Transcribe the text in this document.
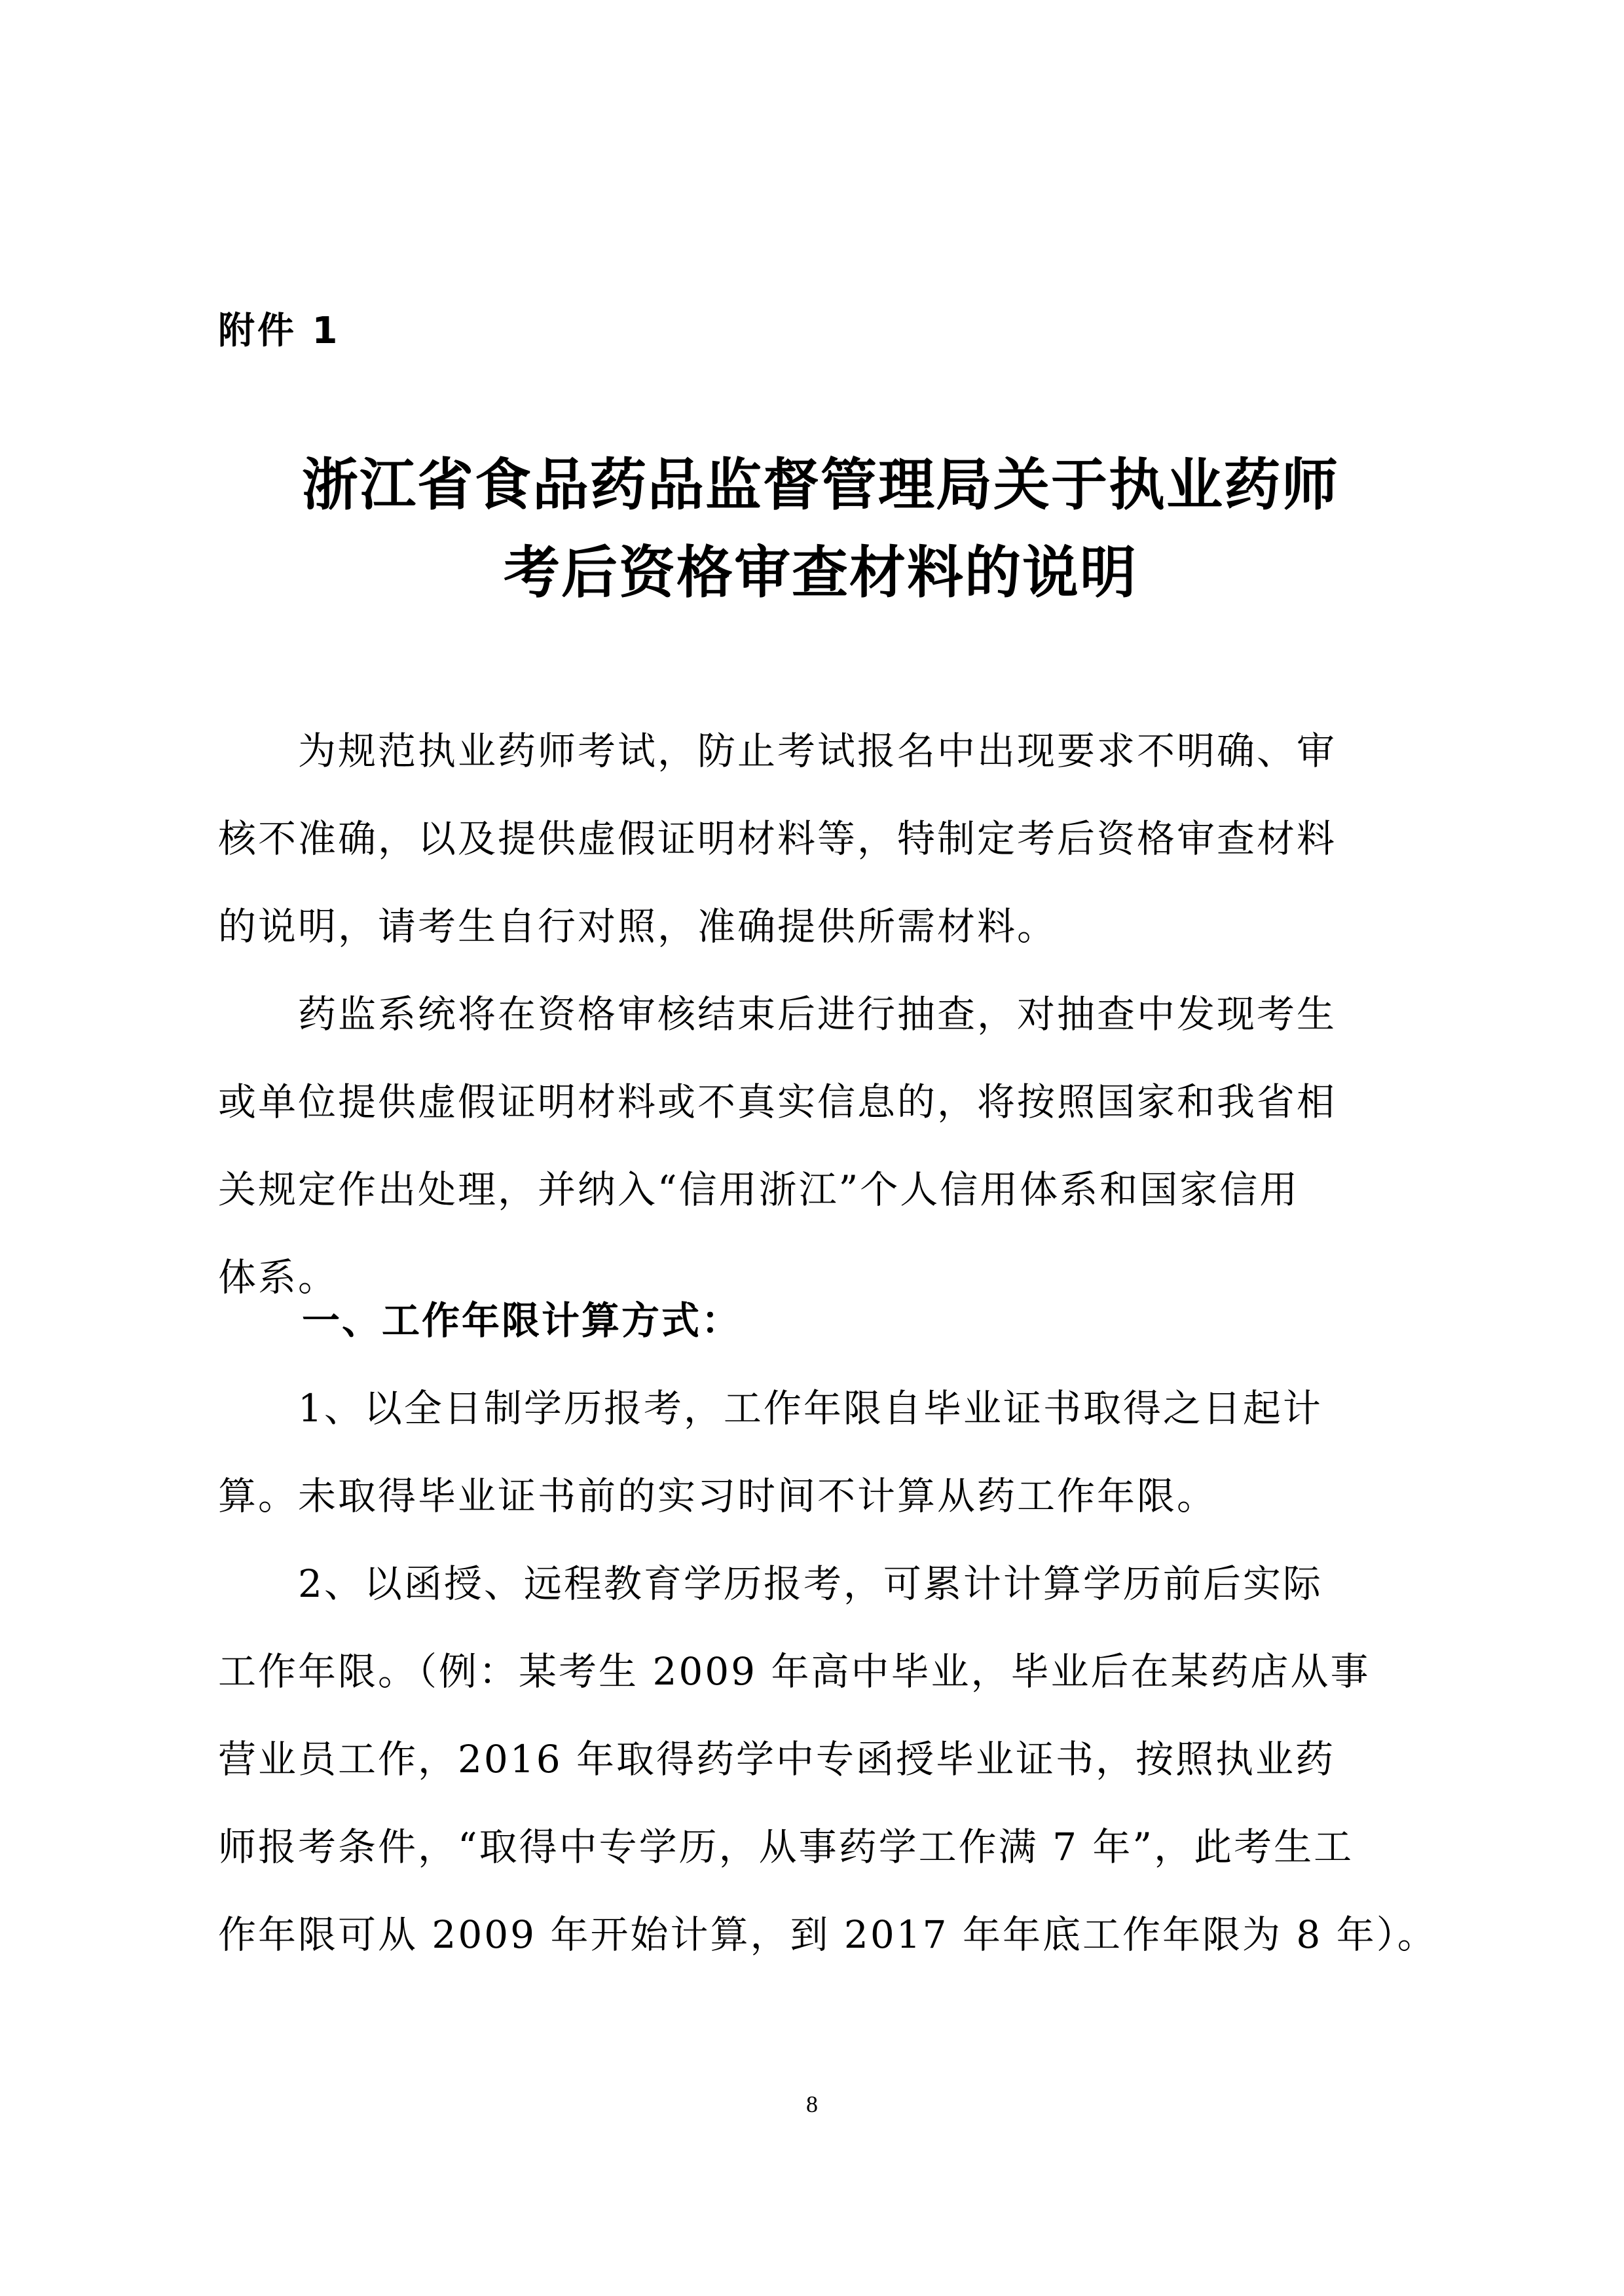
附件 1
浙江省食品药品监督管理局关于执业药师
考后资格审查材料的说明
　　为规范执业药师考试，防止考试报名中出现要求不明确、审
核不准确，以及提供虚假证明材料等，特制定考后资格审查材料
的说明，请考生自行对照，准确提供所需材料。
　　药监系统将在资格审核结束后进行抽查，对抽查中发现考生
或单位提供虚假证明材料或不真实信息的，将按照国家和我省相
关规定作出处理，并纳入“信用浙江”个人信用体系和国家信用
体系。
一、工作年限计算方式：
　　1、以全日制学历报考，工作年限自毕业证书取得之日起计
算。未取得毕业证书前的实习时间不计算从药工作年限。
　　2、以函授、远程教育学历报考，可累计计算学历前后实际
工作年限。（例：某考生 2009 年高中毕业，毕业后在某药店从事
营业员工作，2016 年取得药学中专函授毕业证书，按照执业药
师报考条件，“取得中专学历，从事药学工作满 7 年”，此考生工
作年限可从 2009 年开始计算，到 2017 年年底工作年限为 8 年）。
8
